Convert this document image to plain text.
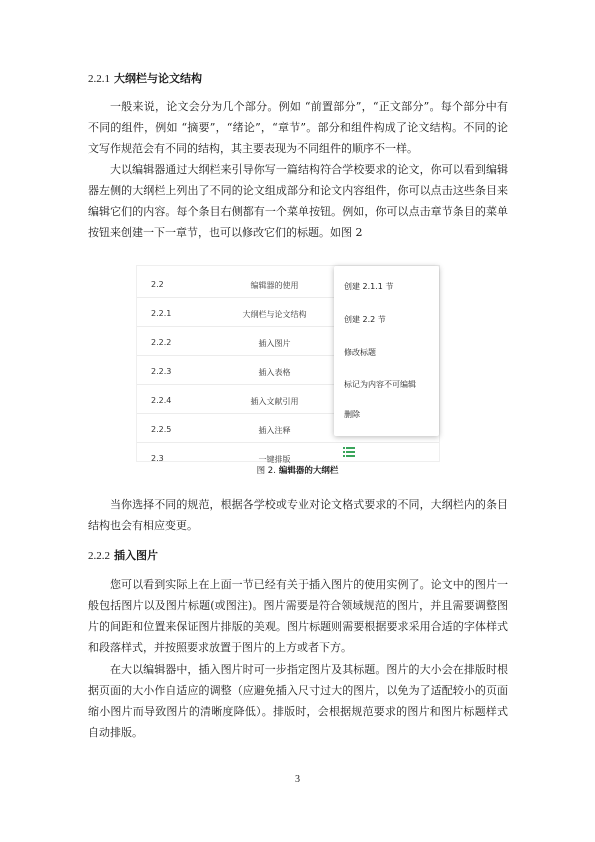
2.2.1 大纲栏与论文结构

一般来说，论文会分为几个部分。例如 “前置部分”，“正文部分”。每个部分中有不同的组件，例如 “摘要”，“绪论”，“章节”。部分和组件构成了论文结构。不同的论文写作规范会有不同的结构，其主要表现为不同组件的顺序不一样。

大以编辑器通过大纲栏来引导你写一篇结构符合学校要求的论文，你可以看到编辑器左侧的大纲栏上列出了不同的论文组成部分和论文内容组件，你可以点击这些条目来编辑它们的内容。每个条目右侧都有一个菜单按钮。例如，你可以点击章节条目的菜单按钮来创建一下一章节，也可以修改它们的标题。如图 2

2.2	编辑器的使用
2.2.1	大纲栏与论文结构
2.2.2	插入图片
2.2.3	插入表格
2.2.4	插入文献引用
2.2.5	插入注释
2.3	一键排版
创建 2.1.1 节
创建 2.2 节
修改标题
标记为内容不可编辑
删除
图 2. 编辑器的大纲栏

当你选择不同的规范，根据各学校或专业对论文格式要求的不同，大纲栏内的条目结构也会有相应变更。

2.2.2 插入图片

您可以看到实际上在上面一节已经有关于插入图片的使用实例了。论文中的图片一般包括图片以及图片标题(或图注)。图片需要是符合领域规范的图片，并且需要调整图片的间距和位置来保证图片排版的美观。图片标题则需要根据要求采用合适的字体样式和段落样式，并按照要求放置于图片的上方或者下方。

在大以编辑器中，插入图片时可一步指定图片及其标题。图片的大小会在排版时根据页面的大小作自适应的调整（应避免插入尺寸过大的图片，以免为了适配较小的页面缩小图片而导致图片的清晰度降低）。排版时，会根据规范要求的图片和图片标题样式自动排版。

3
